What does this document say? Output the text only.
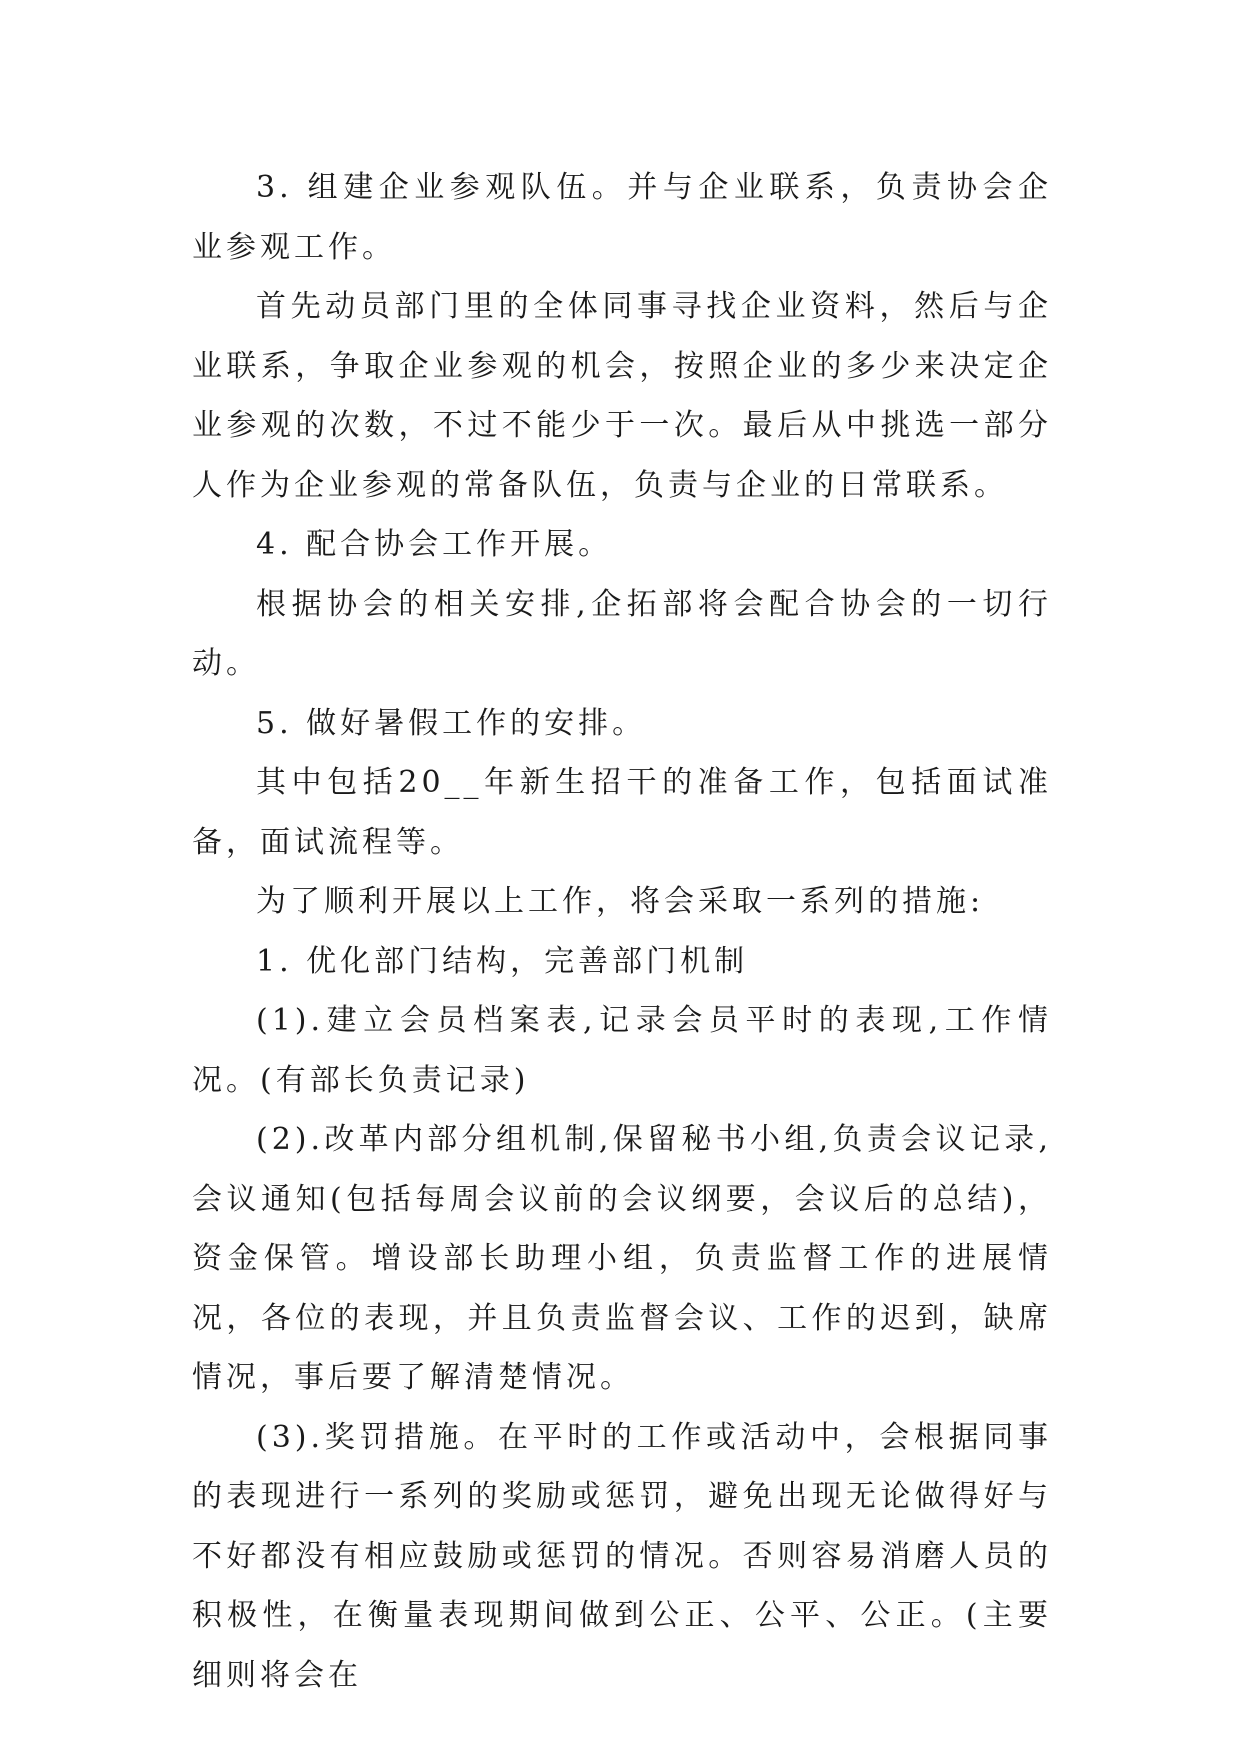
3. 组建企业参观队伍。并与企业联系，负责协会企业参观工作。

首先动员部门里的全体同事寻找企业资料，然后与企业联系，争取企业参观的机会，按照企业的多少来决定企业参观的次数，不过不能少于一次。最后从中挑选一部分人作为企业参观的常备队伍，负责与企业的日常联系。

4. 配合协会工作开展。

根据协会的相关安排,企拓部将会配合协会的一切行动。

5. 做好暑假工作的安排。

其中包括20__年新生招干的准备工作，包括面试准备，面试流程等。

为了顺利开展以上工作，将会采取一系列的措施:

1. 优化部门结构，完善部门机制

(1).建立会员档案表,记录会员平时的表现,工作情况。(有部长负责记录)

(2).改革内部分组机制,保留秘书小组,负责会议记录,会议通知(包括每周会议前的会议纲要，会议后的总结)，资金保管。增设部长助理小组，负责监督工作的进展情况，各位的表现，并且负责监督会议、工作的迟到，缺席情况，事后要了解清楚情况。

(3).奖罚措施。在平时的工作或活动中，会根据同事的表现进行一系列的奖励或惩罚，避免出现无论做得好与不好都没有相应鼓励或惩罚的情况。否则容易消磨人员的积极性，在衡量表现期间做到公正、公平、公正。(主要细则将会在
